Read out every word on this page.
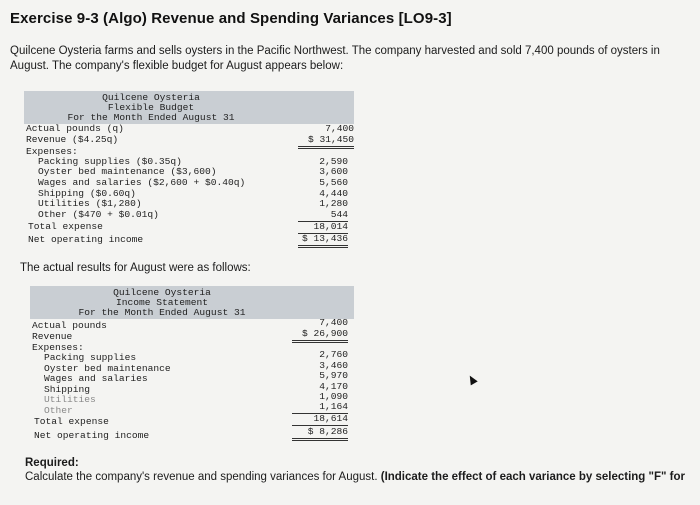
Exercise 9-3 (Algo) Revenue and Spending Variances [LO9-3]
Quilcene Oysteria farms and sells oysters in the Pacific Northwest. The company harvested and sold 7,400 pounds of oysters in August. The company's flexible budget for August appears below:
Quilcene Oysteria
Flexible Budget
For the Month Ended August 31
Actual pounds (q)	7,400
Revenue ($4.25q)	$ 31,450
Expenses:
Packing supplies ($0.35q)	2,590
Oyster bed maintenance ($3,600)	3,600
Wages and salaries ($2,600 + $0.40q)	5,560
Shipping ($0.60q)	4,440
Utilities ($1,280)	1,280
Other ($470 + $0.01q)	544
Total expense	18,014
Net operating income	$ 13,436
The actual results for August were as follows:
Quilcene Oysteria
Income Statement
For the Month Ended August 31
Actual pounds	7,400
Revenue	$ 26,900
Expenses:
Packing supplies	2,760
Oyster bed maintenance	3,460
Wages and salaries	5,970
Shipping	4,170
Utilities	1,090
Other	1,164
Total expense	18,614
Net operating income	$ 8,286
Required:
Calculate the company's revenue and spending variances for August. (Indicate the effect of each variance by selecting "F" for
